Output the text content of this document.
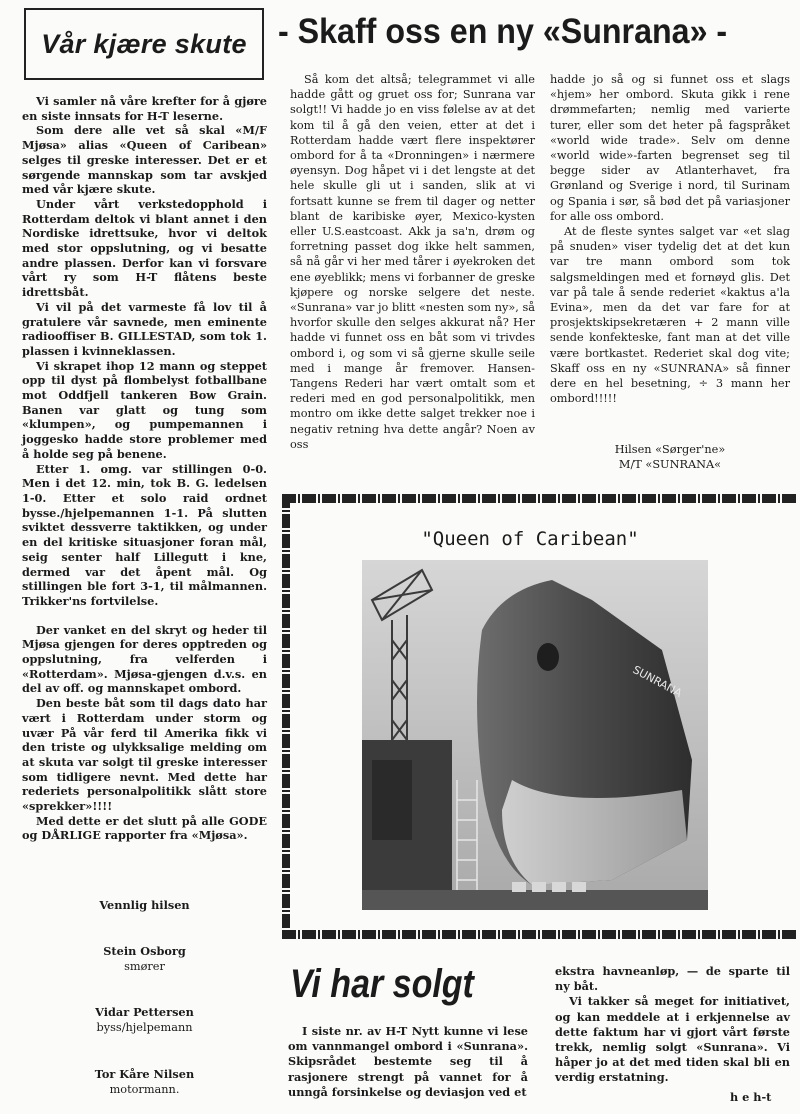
Vår kjære skute - Skaff oss en ny «Sunrana» -

Vi samler nå våre krefter for å gjøre en siste innsats for H-T leserne.

Som dere alle vet så skal «M/F Mjøsa» alias «Queen of Caribean» selges til greske interesser. Det er et sørgende mannskap som tar avskjed med vår kjære skute.

Under vårt verkstedopphold i Rotterdam deltok vi blant annet i den Nordiske idrettsuke, hvor vi deltok med stor oppslutning, og vi besatte andre plassen. Derfor kan vi forsvare vårt ry som H-T flåtens beste idrettsbåt.

Vi vil på det varmeste få lov til å gratulere vår savnede, men eminente radiooffiser B. GILLESTAD, som tok 1. plassen i kvinneklassen.

Vi skrapet ihop 12 mann og steppet opp til dyst på flombelyst fotballbane mot Oddfjell tankeren Bow Grain. Banen var glatt og tung som «klumpen», og pumpemannen i joggesko hadde store problemer med å holde seg på benene.

Etter 1. omg. var stillingen 0-0. Men i det 12. min, tok B. G. ledelsen 1-0. Etter et solo raid ordnet bysse./hjelpemannen 1-1. På slutten sviktet dessverre taktikken, og under en del kritiske situasjoner foran mål, seig senter half Lillegutt i kne, dermed var det åpent mål. Og stillingen ble fort 3-1, til målmannen. Trikker'ns fortvilelse.

Der vanket en del skryt og heder til Mjøsa gjengen for deres opptreden og oppslutning, fra velferden i «Rotterdam». Mjøsa-gjengen d.v.s. en del av off. og mannskapet ombord.

Den beste båt som til dags dato har vært i Rotterdam under storm og uvær På vår ferd til Amerika fikk vi den triste og ulykksalige melding om at skuta var solgt til greske interesser som tidligere nevnt. Med dette har rederiets personalpolitikk slått store «sprekker»!!!!

Med dette er det slutt på alle GODE og DÅRLIGE rapporter fra «Mjøsa».

Vennlig hilsen
Stein Osborg
smører
Vidar Pettersen
byss/hjelpemann
Tor Kåre Nilsen
motormann.

Så kom det altså; telegrammet vi alle hadde gått og gruet oss for; Sunrana var solgt!! Vi hadde jo en viss følelse av at det kom til å gå den veien, etter at det i Rotterdam hadde vært flere inspektører ombord for å ta «Dronningen» i nærmere øyensyn. Dog håpet vi i det lengste at det hele skulle gli ut i sanden, slik at vi fortsatt kunne se frem til dager og netter blant de karibiske øyer, Mexico-kysten eller U.S.eastcoast. Akk ja sa'n, drøm og forretning passet dog ikke helt sammen, så nå går vi her med tårer i øyekroken det ene øyeblikk; mens vi forbanner de greske kjøpere og norske selgere det neste. «Sunrana» var jo blitt «nesten som ny», så hvorfor skulle den selges akkurat nå? Her hadde vi funnet oss en båt som vi trivdes ombord i, og som vi så gjerne skulle seile med i mange år fremover. Hansen-Tangens Rederi har vært omtalt som et rederi med en god personalpolitikk, men montro om ikke dette salget trekker noe i negativ retning hva dette angår? Noen av oss

hadde jo så og si funnet oss et slags «hjem» her ombord. Skuta gikk i rene drømmefarten; nemlig med varierte turer, eller som det heter på fagspråket «world wide trade». Selv om denne «world wide»-farten begrenset seg til begge sider av Atlanterhavet, fra Grønland og Sverige i nord, til Surinam og Spania i sør, så bød det på variasjoner for alle oss ombord.

At de fleste syntes salget var «et slag på snuden» viser tydelig det at det kun var tre mann ombord som tok salgsmeldingen med et fornøyd glis. Det var på tale å sende rederiet «kaktus a'la Evina», men da det var fare for at prosjektskipsekretæren + 2 mann ville sende konfekteske, fant man at det ville være bortkastet. Rederiet skal dog vite; Skaff oss en ny «SUNRANA» så finner dere en hel besetning, ÷ 3 mann her ombord!!!!!

Hilsen «Sørger'ne»
M/T «SUNRANA«
"Queen of Caribean"
SUNRANA
Vi har solgt

I siste nr. av H-T Nytt kunne vi lese om vannmangel ombord i «Sunrana». Skipsrådet bestemte seg til å rasjonere strengt på vannet for å unngå forsinkelse og deviasjon ved et

ekstra havneanløp, — de sparte til ny båt.

Vi takker så meget for initiativet, og kan meddele at i erkjennelse av dette faktum har vi gjort vårt første trekk, nemlig solgt «Sunrana». Vi håper jo at det med tiden skal bli en verdig erstatning.

h e h-t
